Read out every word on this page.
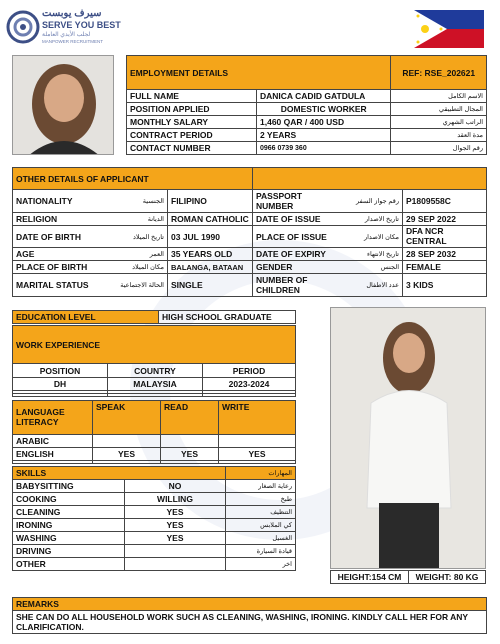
سيرف يوبست
SERVE YOU BEST
لجلب الأيدي العاملة
MANPOWER RECRUITMENT
EMPLOYMENT DETAILS		REF: RSE_202621
FULL NAME	DANICA CADID GATDULA	الاسم الكامل
POSITION APPLIED	DOMESTIC WORKER	المجال التطبيقي
MONTHLY SALARY	1,460 QAR / 400 USD	الراتب الشهري
CONTRACT PERIOD	2 YEARS	مدة العقد
CONTACT NUMBER	0966 0739 360	رقم الجوال
OTHER DETAILS OF APPLICANT					
NATIONALITY	الجنسية	FILIPINO	PASSPORT NUMBER	رقم جواز السفر	P1809558C
RELIGION	الديانة	ROMAN CATHOLIC	DATE OF ISSUE	تاريخ الاصدار	29 SEP 2022
DATE OF BIRTH	تاريخ الميلاد	03 JUL 1990	PLACE OF ISSUE	مكان الاصدار	DFA NCR CENTRAL
AGE	العمر	35 YEARS OLD	DATE OF EXPIRY	تاريخ الانتهاء	28 SEP 2032
PLACE OF BIRTH	مكان الميلاد	BALANGA, BATAAN	GENDER	الجنس	FEMALE
MARITAL STATUS	الحالة الاجتماعية	SINGLE	NUMBER OF CHILDREN	عدد الاطفال	3 KIDS
EDUCATION LEVEL	HIGH SCHOOL GRADUATE
WORK EXPERIENCE		
POSITION	COUNTRY	PERIOD
DH	MALAYSIA	2023-2024

LANGUAGE LITERACY	SPEAK	READ	WRITE
ARABIC			
ENGLISH	YES	YES	YES

SKILLS		المهارات
BABYSITTING	NO	رعاية الصغار
COOKING	WILLING	طبخ
CLEANING	YES	التنظيف
IRONING	YES	كي الملابس
WASHING	YES	الغسيل
DRIVING		قيادة السيارة
OTHER		اخر
HEIGHT:154 CM	WEIGHT: 80 KG
REMARKS
SHE CAN DO ALL HOUSEHOLD WORK SUCH AS CLEANING, WASHING, IRONING. KINDLY CALL HER FOR ANY CLARIFICATION.
